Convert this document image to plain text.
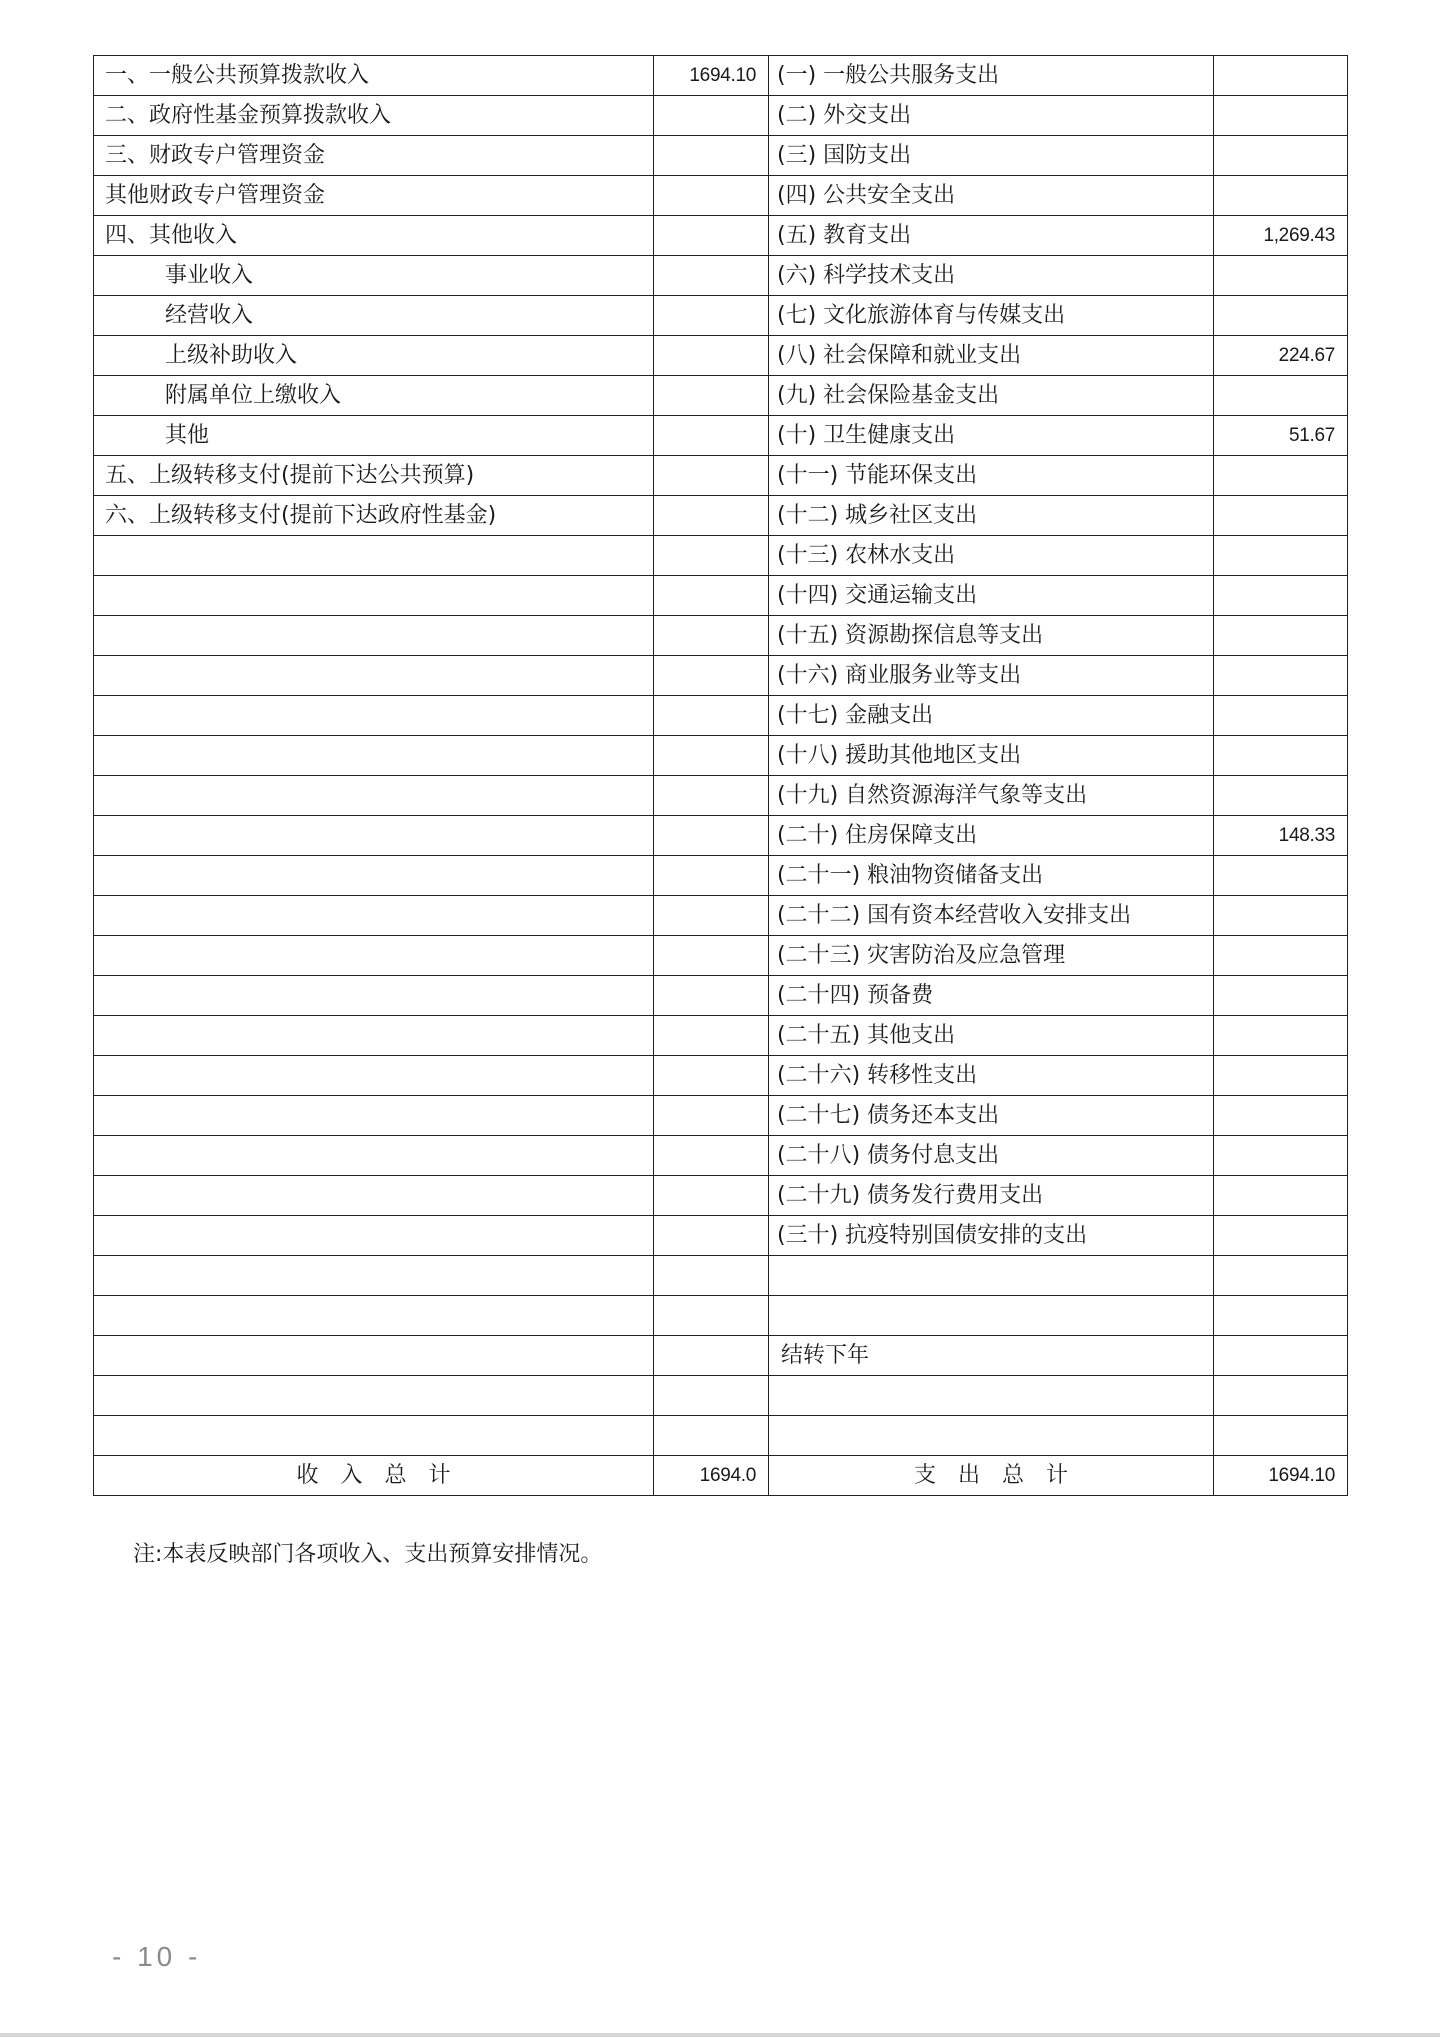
一、一般公共预算拨款收入	1694.10	(一) 一般公共服务支出	
二、政府性基金预算拨款收入		(二) 外交支出	
三、财政专户管理资金		(三) 国防支出	
其他财政专户管理资金		(四) 公共安全支出	
四、其他收入		(五) 教育支出	1,269.43
事业收入		(六) 科学技术支出	
经营收入		(七) 文化旅游体育与传媒支出	
上级补助收入		(八) 社会保障和就业支出	224.67
附属单位上缴收入		(九) 社会保险基金支出	
其他		(十) 卫生健康支出	51.67
五、上级转移支付(提前下达公共预算)		(十一) 节能环保支出	
六、上级转移支付(提前下达政府性基金)		(十二) 城乡社区支出	
		(十三) 农林水支出	
		(十四) 交通运输支出	
		(十五) 资源勘探信息等支出	
		(十六) 商业服务业等支出	
		(十七) 金融支出	
		(十八) 援助其他地区支出	
		(十九) 自然资源海洋气象等支出	
		(二十) 住房保障支出	148.33
		(二十一) 粮油物资储备支出	
		(二十二) 国有资本经营收入安排支出	
		(二十三) 灾害防治及应急管理	
		(二十四) 预备费	
		(二十五) 其他支出	
		(二十六) 转移性支出	
		(二十七) 债务还本支出	
		(二十八) 债务付息支出	
		(二十九) 债务发行费用支出	
		(三十) 抗疫特别国债安排的支出	

		结转下年	

收入总计	1694.0	支出总计	1694.10
注:本表反映部门各项收入、支出预算安排情况。
- 10 -
